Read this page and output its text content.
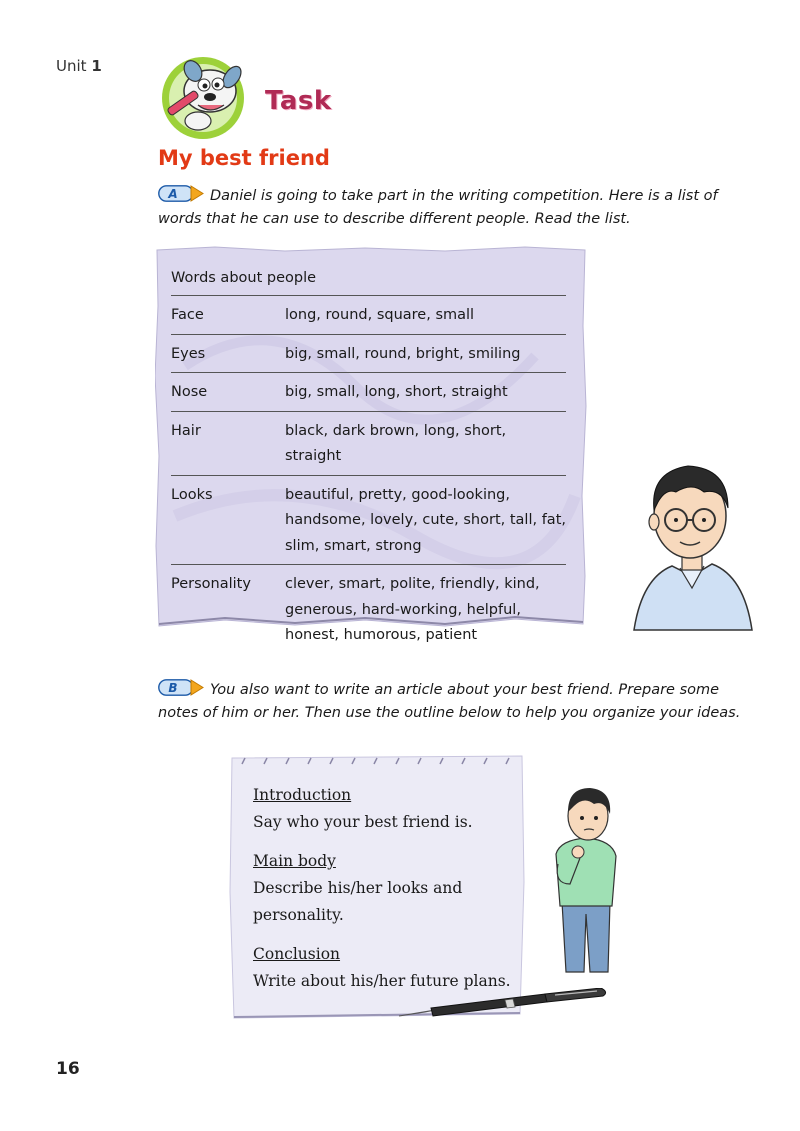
Unit 1
Task
My best friend
A Daniel is going to take part in the writing competition. Here is a list of words that he can use to describe different people. Read the list.
Words about people
Face	long, round, square, small
Eyes	big, small, round, bright, smiling
Nose	big, small, long, short, straight
Hair	black, dark brown, long, short, straight
Looks	beautiful, pretty, good-looking, handsome, lovely, cute, short, tall, fat, slim, smart, strong
Personality	clever, smart, polite, friendly, kind, generous, hard-working, helpful, honest, humorous, patient
B You also want to write an article about your best friend. Prepare some notes of him or her. Then use the outline below to help you organize your ideas.
Introduction
Say who your best friend is.
Main body
Describe his/her looks and personality.
Conclusion
Write about his/her future plans.
16
